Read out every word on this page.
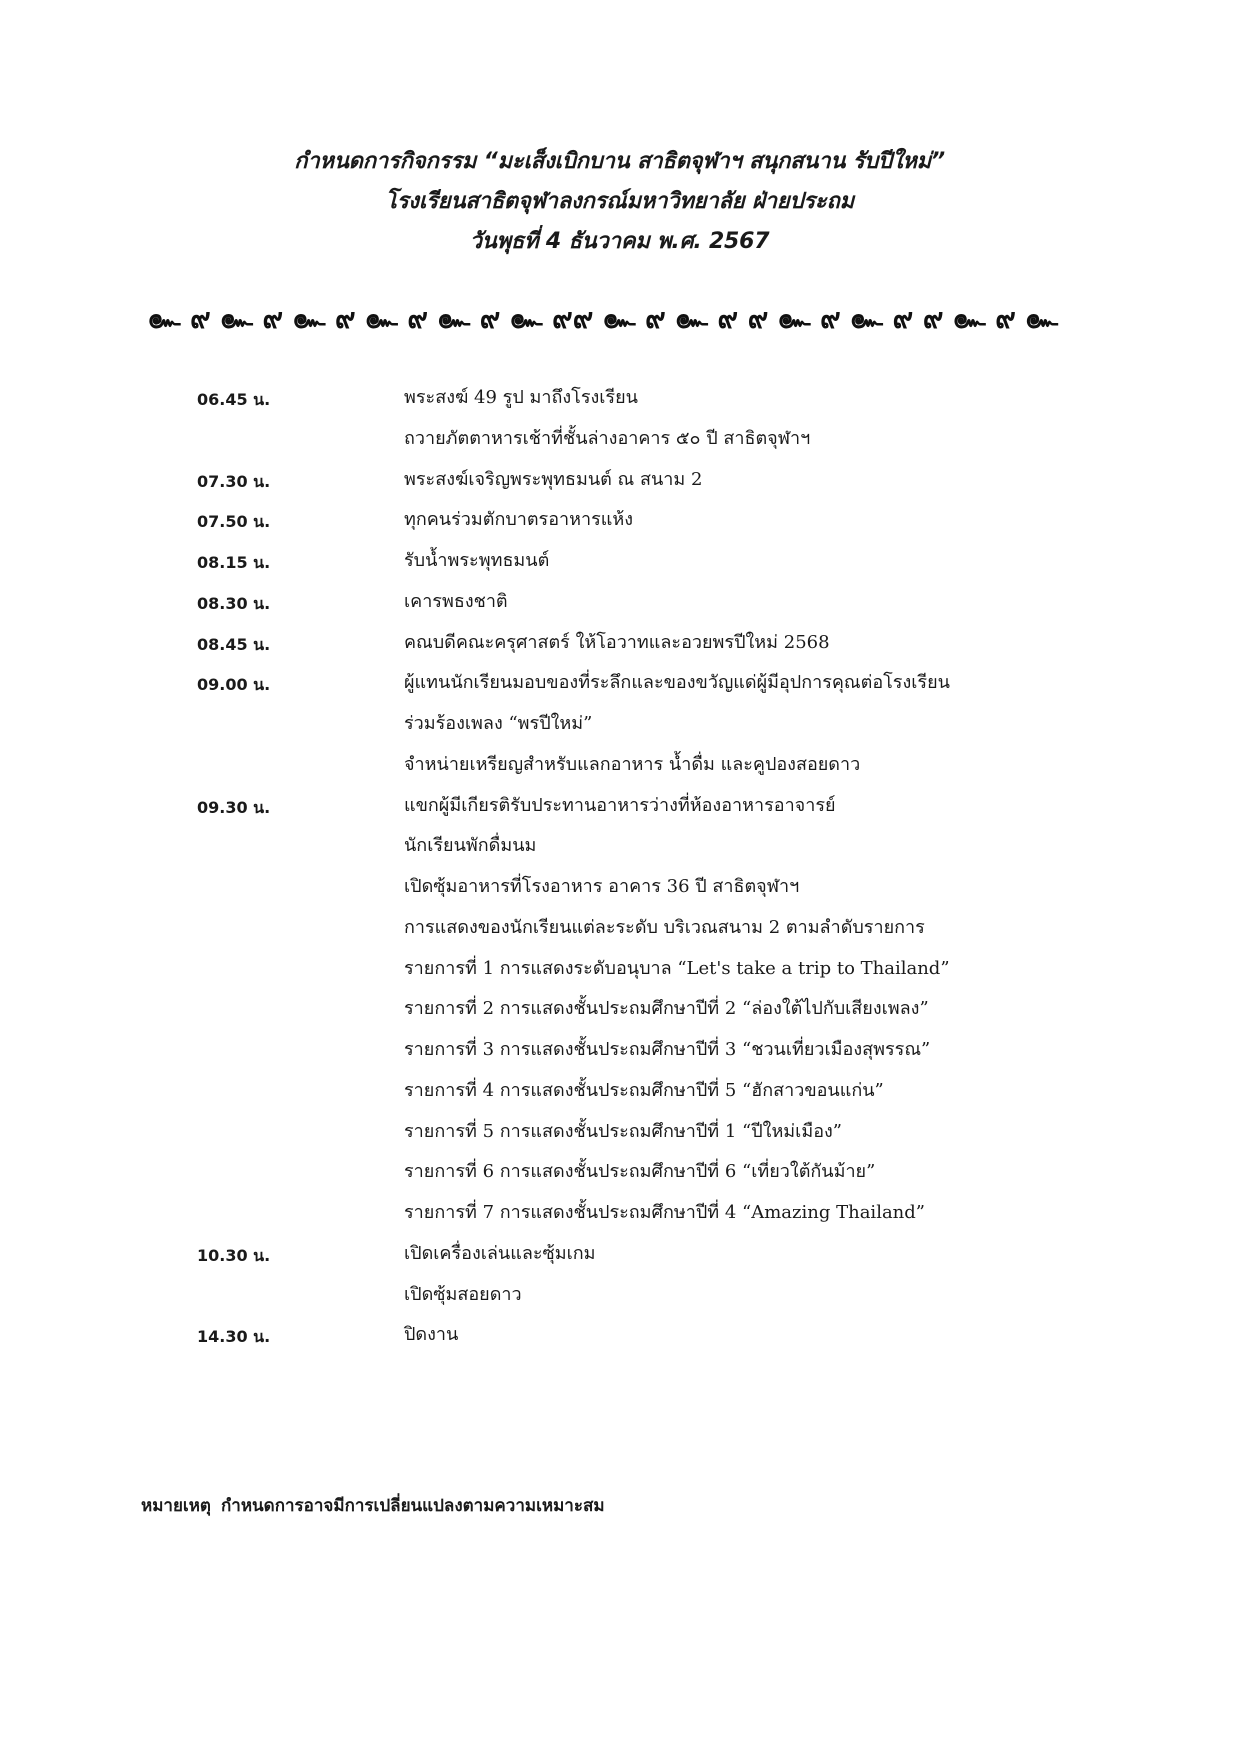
กำหนดการกิจกรรม “มะเส็งเบิกบาน สาธิตจุฬาฯ สนุกสนาน รับปีใหม่”

โรงเรียนสาธิตจุฬาลงกรณ์มหาวิทยาลัย ฝ่ายประถม

วันพุธที่ 4 ธันวาคม พ.ศ. 2567

๛ ๙ ๛ ๙ ๛ ๙ ๛ ๙ ๛ ๙ ๛ ๙๙ ๛ ๙ ๛ ๙ ๙ ๛ ๙ ๛ ๙ ๙ ๛ ๙ ๛
06.45 น.	พระสงฆ์ 49 รูป มาถึงโรงเรียน
ถวายภัตตาหารเช้าที่ชั้นล่างอาคาร ๕๐ ปี สาธิตจุฬาฯ
07.30 น.	พระสงฆ์เจริญพระพุทธมนต์ ณ สนาม 2
07.50 น.	ทุกคนร่วมตักบาตรอาหารแห้ง
08.15 น.	รับน้ำพระพุทธมนต์
08.30 น.	เคารพธงชาติ
08.45 น.	คณบดีคณะครุศาสตร์ ให้โอวาทและอวยพรปีใหม่ 2568
09.00 น.	ผู้แทนนักเรียนมอบของที่ระลึกและของขวัญแด่ผู้มีอุปการคุณต่อโรงเรียน
ร่วมร้องเพลง “พรปีใหม่”
จำหน่ายเหรียญสำหรับแลกอาหาร น้ำดื่ม และคูปองสอยดาว
09.30 น.	แขกผู้มีเกียรติรับประทานอาหารว่างที่ห้องอาหารอาจารย์
นักเรียนพักดื่มนม
เปิดซุ้มอาหารที่โรงอาหาร อาคาร 36 ปี สาธิตจุฬาฯ
การแสดงของนักเรียนแต่ละระดับ บริเวณสนาม 2 ตามลำดับรายการ
รายการที่ 1 การแสดงระดับอนุบาล “Let's take a trip to Thailand”
รายการที่ 2 การแสดงชั้นประถมศึกษาปีที่ 2 “ล่องใต้ไปกับเสียงเพลง”
รายการที่ 3 การแสดงชั้นประถมศึกษาปีที่ 3 “ชวนเที่ยวเมืองสุพรรณ”
รายการที่ 4 การแสดงชั้นประถมศึกษาปีที่ 5 “ฮักสาวขอนแก่น”
รายการที่ 5 การแสดงชั้นประถมศึกษาปีที่ 1 “ปีใหม่เมือง”
รายการที่ 6 การแสดงชั้นประถมศึกษาปีที่ 6 “เที่ยวใต้กันม้าย”
รายการที่ 7 การแสดงชั้นประถมศึกษาปีที่ 4 “Amazing Thailand”
10.30 น.	เปิดเครื่องเล่นและซุ้มเกม
เปิดซุ้มสอยดาว
14.30 น.	ปิดงาน
หมายเหตุ กำหนดการอาจมีการเปลี่ยนแปลงตามความเหมาะสม
